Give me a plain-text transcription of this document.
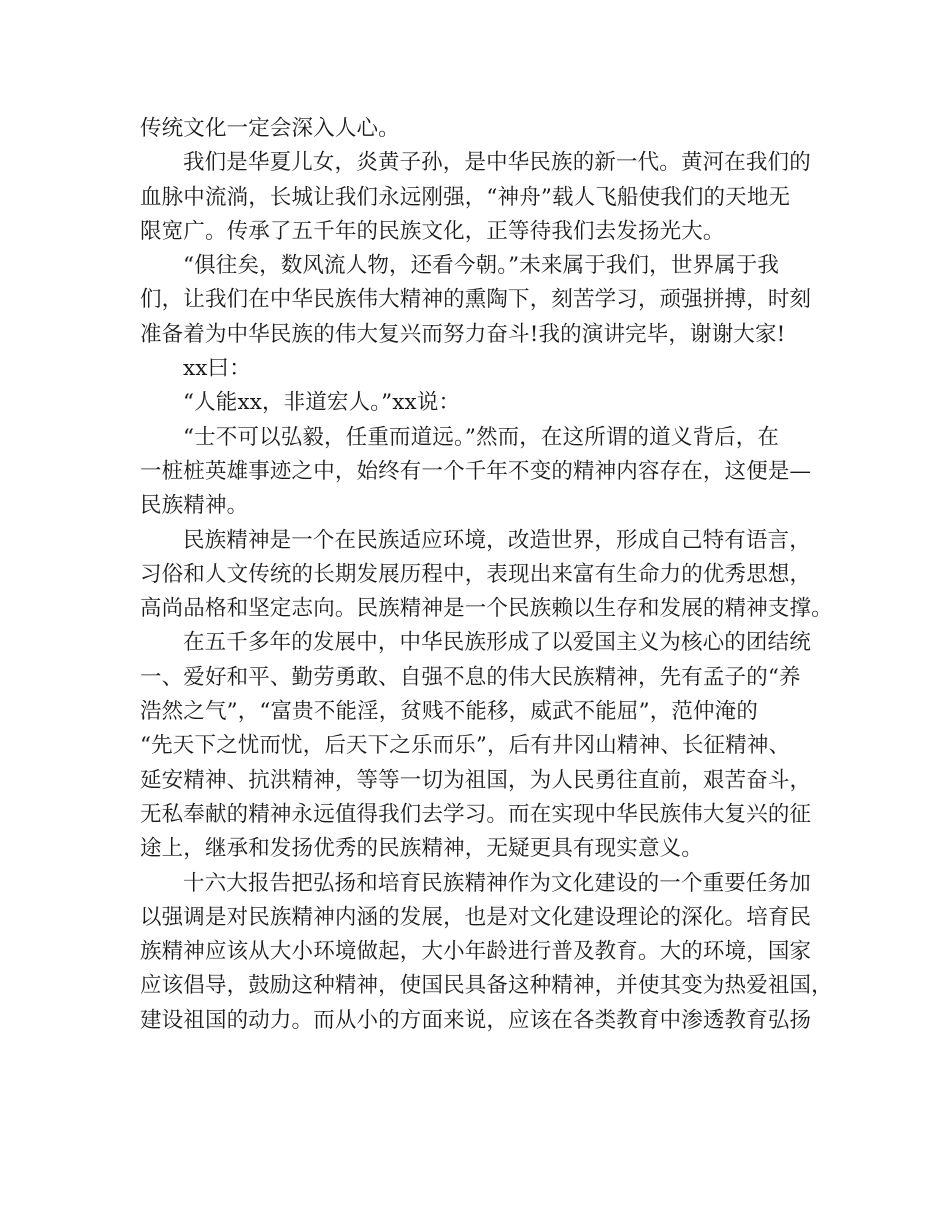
传统文化一定会深入人心。
我们是华夏儿女，炎黄子孙，是中华民族的新一代。黄河在我们的
血脉中流淌，长城让我们永远刚强，“神舟”载人飞船使我们的天地无
限宽广。传承了五千年的民族文化，正等待我们去发扬光大。
“俱往矣，数风流人物，还看今朝。”未来属于我们，世界属于我
们，让我们在中华民族伟大精神的熏陶下，刻苦学习，顽强拼搏，时刻
准备着为中华民族的伟大复兴而努力奋斗!我的演讲完毕，谢谢大家!
xx曰：
“人能xx，非道宏人。”xx说：
“士不可以弘毅，任重而道远。”然而，在这所谓的道义背后，在
一桩桩英雄事迹之中，始终有一个千年不变的精神内容存在，这便是—
民族精神。
民族精神是一个在民族适应环境，改造世界，形成自己特有语言，
习俗和人文传统的长期发展历程中，表现出来富有生命力的优秀思想，
高尚品格和坚定志向。民族精神是一个民族赖以生存和发展的精神支撑。
在五千多年的发展中，中华民族形成了以爱国主义为核心的团结统
一、爱好和平、勤劳勇敢、自强不息的伟大民族精神，先有孟子的“养
浩然之气”，“富贵不能淫，贫贱不能移，威武不能屈”，范仲淹的
“先天下之忧而忧，后天下之乐而乐”，后有井冈山精神、长征精神、
延安精神、抗洪精神，等等一切为祖国，为人民勇往直前，艰苦奋斗，
无私奉献的精神永远值得我们去学习。而在实现中华民族伟大复兴的征
途上，继承和发扬优秀的民族精神，无疑更具有现实意义。
十六大报告把弘扬和培育民族精神作为文化建设的一个重要任务加
以强调是对民族精神内涵的发展，也是对文化建设理论的深化。培育民
族精神应该从大小环境做起，大小年龄进行普及教育。大的环境，国家
应该倡导，鼓励这种精神，使国民具备这种精神，并使其变为热爱祖国，
建设祖国的动力。而从小的方面来说，应该在各类教育中渗透教育弘扬
